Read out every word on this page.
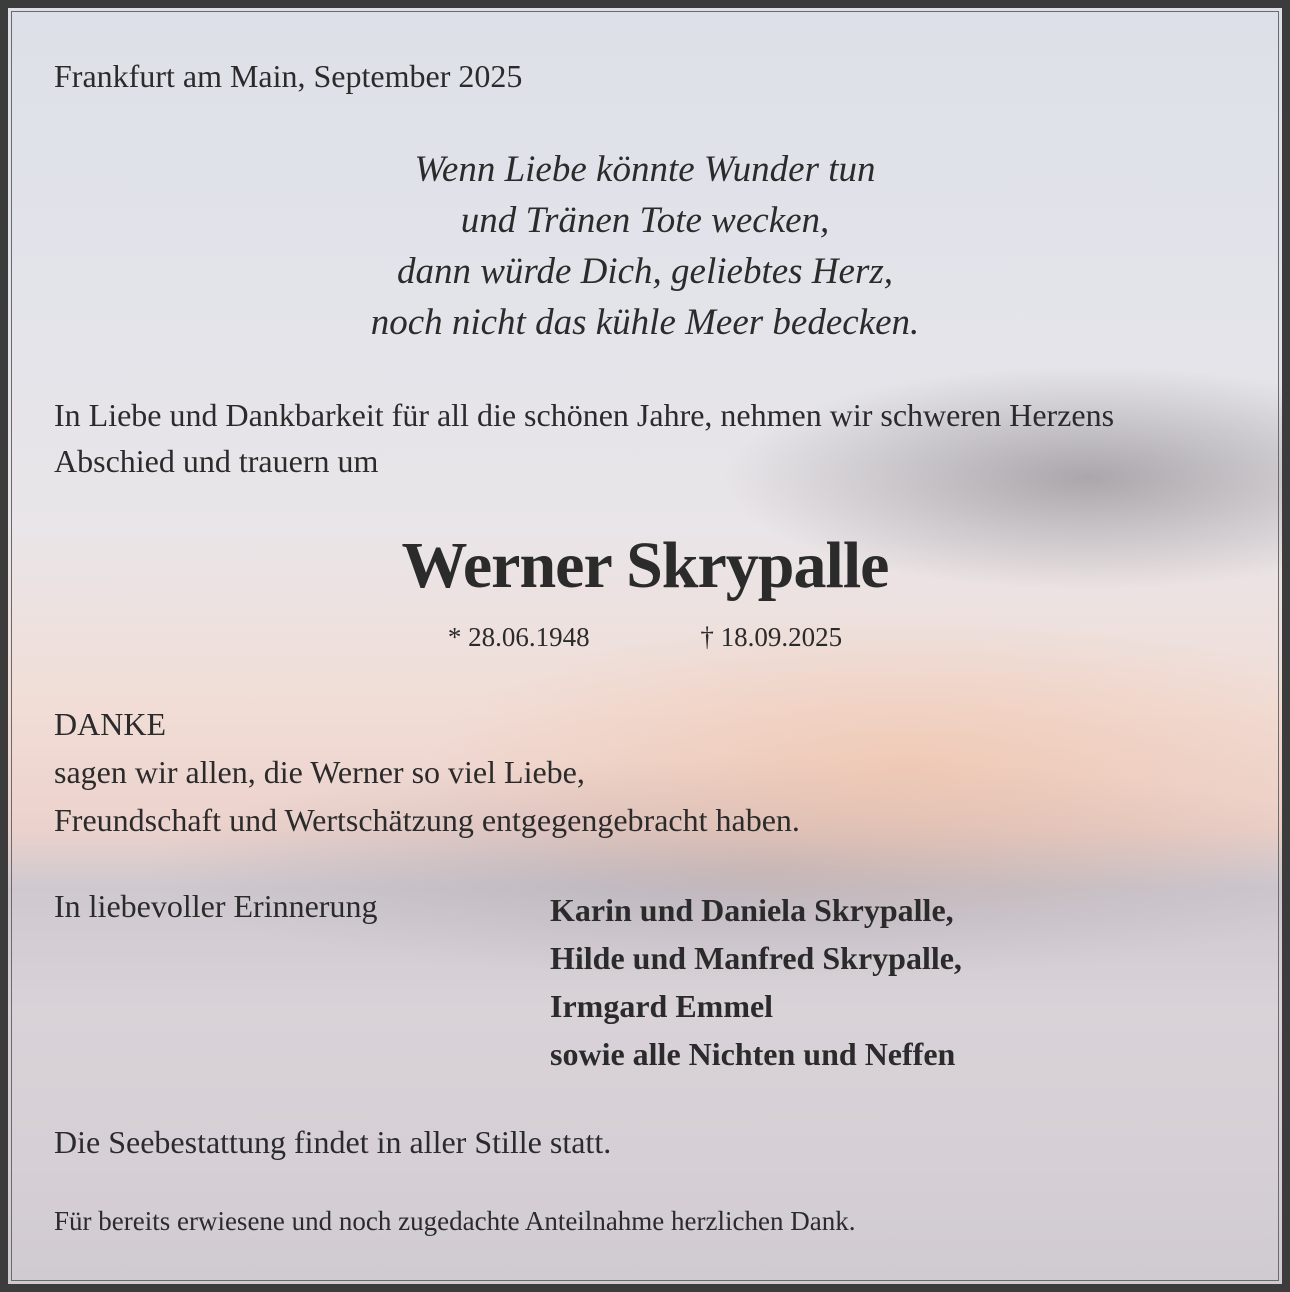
Frankfurt am Main, September 2025
Wenn Liebe könnte Wunder tun
und Tränen Tote wecken,
dann würde Dich, geliebtes Herz,
noch nicht das kühle Meer bedecken.
In Liebe und Dankbarkeit für all die schönen Jahre, nehmen wir schweren Herzens
Abschied und trauern um
Werner Skrypalle
* 28.06.1948	† 18.09.2025
DANKE
sagen wir allen, die Werner so viel Liebe,
Freundschaft und Wertschätzung entgegengebracht haben.
In liebevoller Erinnerung	Karin und Daniela Skrypalle,
Hilde und Manfred Skrypalle,
Irmgard Emmel
sowie alle Nichten und Neffen
Die Seebestattung findet in aller Stille statt.
Für bereits erwiesene und noch zugedachte Anteilnahme herzlichen Dank.
